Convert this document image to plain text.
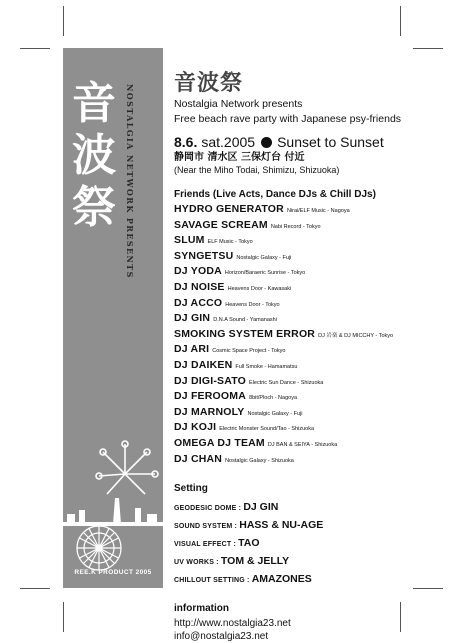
音
波
祭 NOSTALGIA NETWORK PRESENTS
REE.K PRODUCT 2005
音波祭
Nostalgia Network presents
Free beach rave party with Japanese psy-friends
8.6. sat.2005 Sunset to Sunset
静岡市 清水区 三保灯台 付近
(Near the Miho Todai, Shimizu, Shizuoka)
Friends (Live Acts, Dance DJs & Chill DJs)
HYDRO GENERATOR Nirai/ELF Music - Nagoya
SAVAGE SCREAM Nabi Record - Tokyo
SLUM ELF Music - Tokyo
SYNGETSU Nostalgic Galaxy - Fuji
DJ YODA Horizon/Baraeric Sunrise - Tokyo
DJ NOISE Heavens Door - Kawasaki
DJ ACCO Heavens Door - Tokyo
DJ GIN D.N.A Sound - Yamanashi
SMOKING SYSTEM ERROR DJ 岩楽 & DJ MICCHY - Tokyo
DJ ARI Cosmic Space Project - Tokyo
DJ DAIKEN Full Smoke - Hamamatsu
DJ DIGI-SATO Electric Sun Dance - Shizuoka
DJ FEROOMA 8bit/Ploch - Nagoya
DJ MARNOLY Nostalgic Galaxy - Fuji
DJ KOJI Electric Monster Sound/Tao - Shizuoka
OMEGA DJ TEAM DJ BAN & SEIYA - Shizuoka
DJ CHAN Nostalgic Galaxy - Shizuoka
Setting
GEODESIC DOME : DJ GIN
SOUND SYSTEM : HASS & NU-AGE
VISUAL EFFECT : TAO
UV WORKS : TOM & JELLY
CHILLOUT SETTING : AMAZONES
information
http://www.nostalgia23.net
info@nostalgia23.net
